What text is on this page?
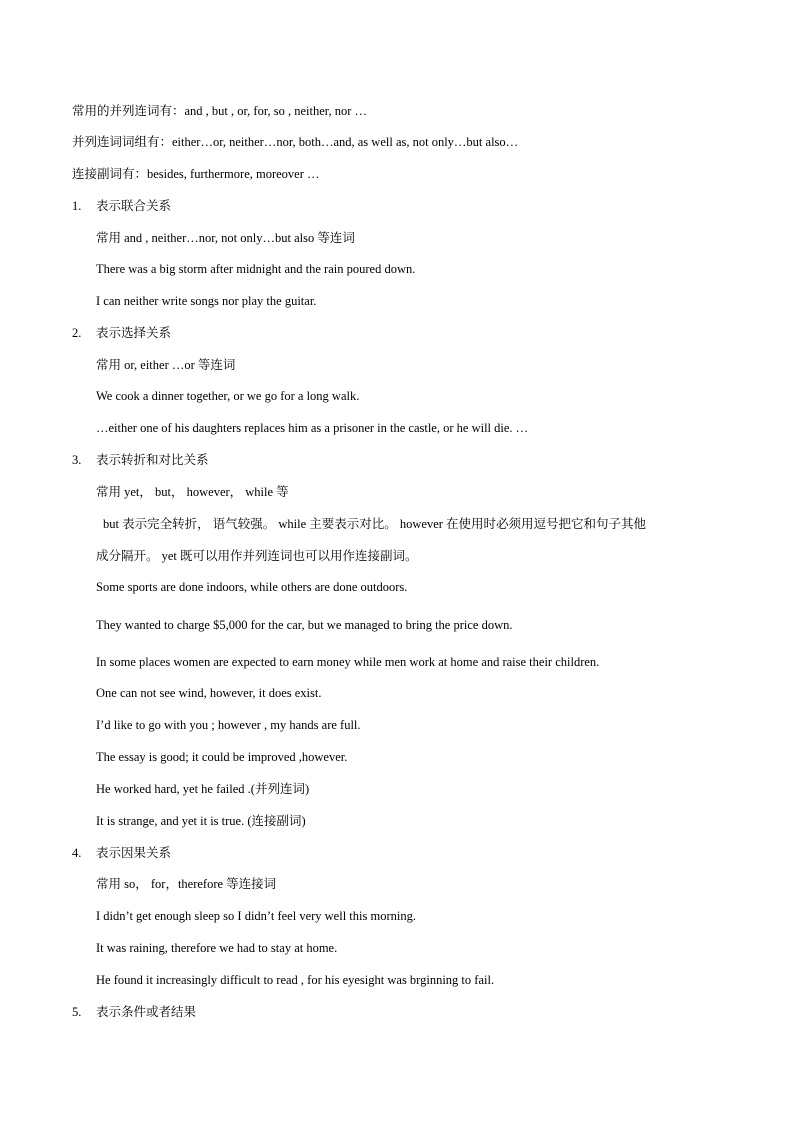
常用的并列连词有：and , but , or, for, so , neither, nor …
并列连词词组有：either…or, neither…nor, both…and, as well as, not only…but also…
连接副词有：besides, furthermore, moreover …
1. 表示联合关系
常用 and , neither…nor, not only…but also 等连词
There was a big storm after midnight and the rain poured down.
I can neither write songs nor play the guitar.
2. 表示选择关系
常用 or, either …or 等连词
We cook a dinner together, or we go for a long walk.
…either one of his daughters replaces him as a prisoner in the castle, or he will die. …
3. 表示转折和对比关系
常用 yet， but， however， while 等
but 表示完全转折， 语气较强。 while 主要表示对比。 however 在使用时必须用逗号把它和句子其他
成分隔开。 yet 既可以用作并列连词也可以用作连接副词。
Some sports are done indoors, while others are done outdoors.
They wanted to charge $5,000 for the car, but we managed to bring the price down.
In some places women are expected to earn money while men work at home and raise their children.
One can not see wind, however, it does exist.
I’d like to go with you ; however , my hands are full.
The essay is good; it could be improved ,however.
He worked hard, yet he failed .(并列连词)
It is strange, and yet it is true. (连接副词)
4. 表示因果关系
常用 so， for，therefore 等连接词
I didn’t get enough sleep so I didn’t feel very well this morning.
It was raining, therefore we had to stay at home.
He found it increasingly difficult to read , for his eyesight was brginning to fail.
5. 表示条件或者结果
